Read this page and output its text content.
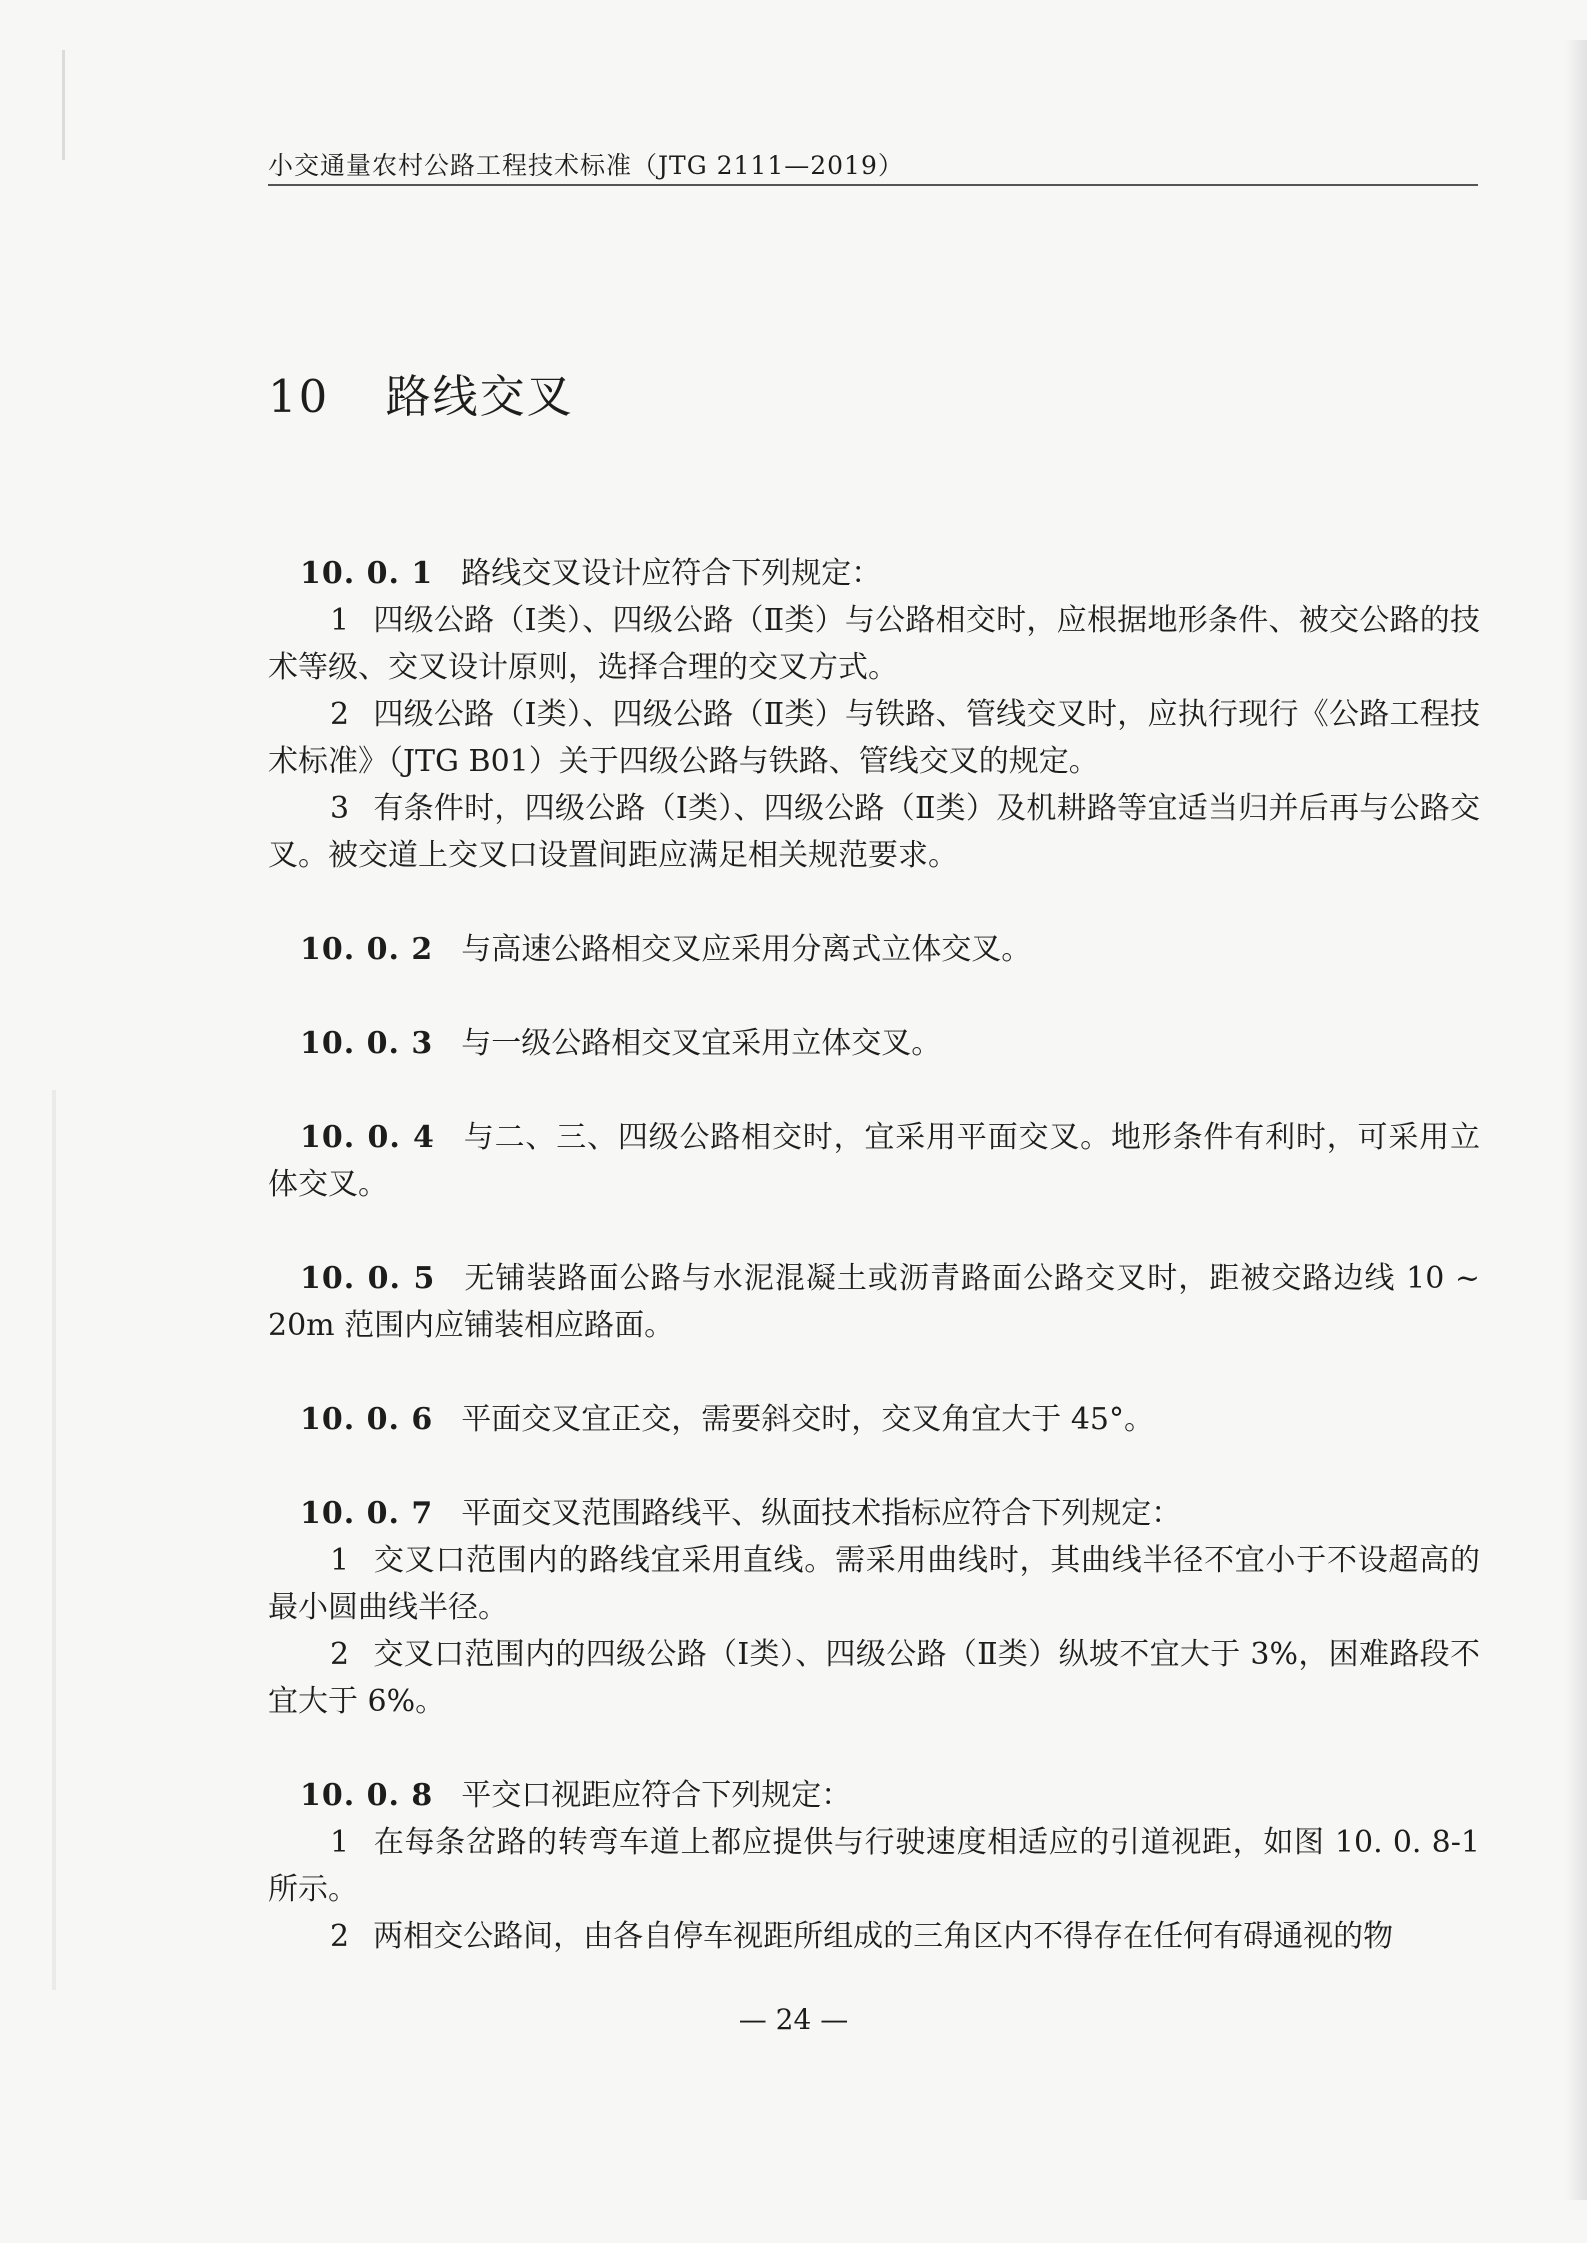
小交通量农村公路工程技术标准（JTG 2111—2019）
10 路线交叉

10. 0. 1 路线交叉设计应符合下列规定：

1 四级公路（Ⅰ类）、四级公路（Ⅱ类）与公路相交时，应根据地形条件、被交公路的技术等级、交叉设计原则，选择合理的交叉方式。

2 四级公路（Ⅰ类）、四级公路（Ⅱ类）与铁路、管线交叉时，应执行现行《公路工程技术标准》（JTG B01）关于四级公路与铁路、管线交叉的规定。

3 有条件时，四级公路（Ⅰ类）、四级公路（Ⅱ类）及机耕路等宜适当归并后再与公路交叉。被交道上交叉口设置间距应满足相关规范要求。

10. 0. 2 与高速公路相交叉应采用分离式立体交叉。

10. 0. 3 与一级公路相交叉宜采用立体交叉。

10. 0. 4 与二、三、四级公路相交时，宜采用平面交叉。地形条件有利时，可采用立体交叉。

10. 0. 5 无铺装路面公路与水泥混凝土或沥青路面公路交叉时，距被交路边线 10 ~ 20m 范围内应铺装相应路面。

10. 0. 6 平面交叉宜正交，需要斜交时，交叉角宜大于 45°。

10. 0. 7 平面交叉范围路线平、纵面技术指标应符合下列规定：

1 交叉口范围内的路线宜采用直线。需采用曲线时，其曲线半径不宜小于不设超高的最小圆曲线半径。

2 交叉口范围内的四级公路（Ⅰ类）、四级公路（Ⅱ类）纵坡不宜大于 3%，困难路段不宜大于 6%。

10. 0. 8 平交口视距应符合下列规定：

1 在每条岔路的转弯车道上都应提供与行驶速度相适应的引道视距，如图 10. 0. 8-1 所示。

2 两相交公路间，由各自停车视距所组成的三角区内不得存在任何有碍通视的物

— 24 —
